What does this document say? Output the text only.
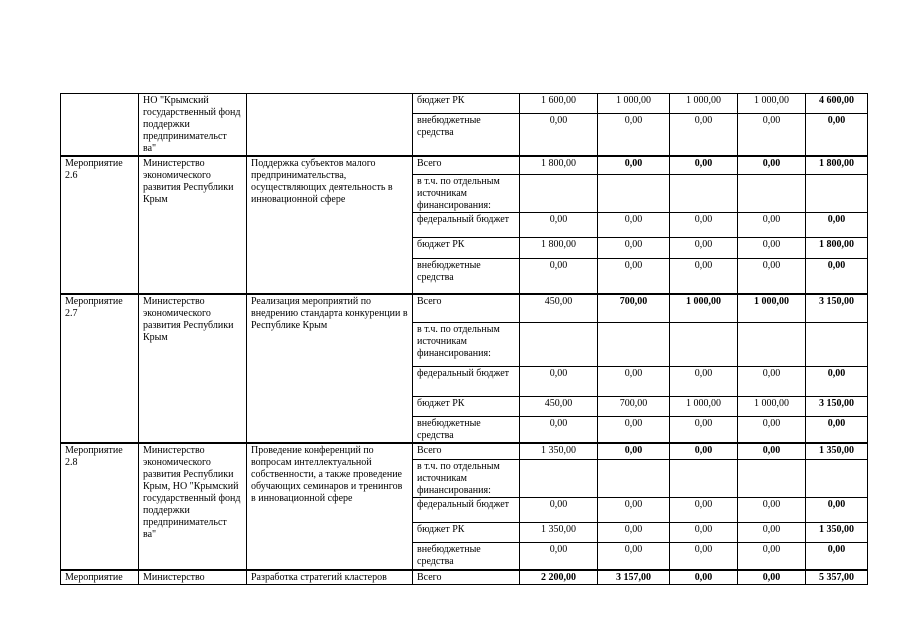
	НО "Крымский государственный фонд поддержки предпринимательст ва"		бюджет РК	1 600,00	1 000,00	1 000,00	1 000,00	4 600,00
			внебюджетные средства	0,00	0,00	0,00	0,00	0,00
Мероприятие 2.6	Министерство экономического развития Республики Крым	Поддержка субъектов малого предпринимательства, осуществляющих деятельность в инновационной сфере	Всего	1 800,00	0,00	0,00	0,00	1 800,00
			в т.ч. по отдельным источникам финансирования:					
			федеральный бюджет	0,00	0,00	0,00	0,00	0,00
			бюджет РК	1 800,00	0,00	0,00	0,00	1 800,00
			внебюджетные средства	0,00	0,00	0,00	0,00	0,00
Мероприятие 2.7	Министерство экономического развития Республики Крым	Реализация мероприятий по внедрению стандарта конкуренции в Республике Крым	Всего	450,00	700,00	1 000,00	1 000,00	3 150,00
			в т.ч. по отдельным источникам финансирования:					
			федеральный бюджет	0,00	0,00	0,00	0,00	0,00
			бюджет РК	450,00	700,00	1 000,00	1 000,00	3 150,00
			внебюджетные средства	0,00	0,00	0,00	0,00	0,00
Мероприятие 2.8	Министерство экономического развития Республики Крым, НО "Крымский государственный фонд поддержки предпринимательст ва"	Проведение конференций по вопросам интеллектуальной собственности, а также проведение обучающих семинаров и тренингов в инновационной сфере	Всего	1 350,00	0,00	0,00	0,00	1 350,00
			в т.ч. по отдельным источникам финансирования:					
			федеральный бюджет	0,00	0,00	0,00	0,00	0,00
			бюджет РК	1 350,00	0,00	0,00	0,00	1 350,00
			внебюджетные средства	0,00	0,00	0,00	0,00	0,00
Мероприятие	Министерство	Разработка стратегий кластеров	Всего	2 200,00	3 157,00	0,00	0,00	5 357,00
